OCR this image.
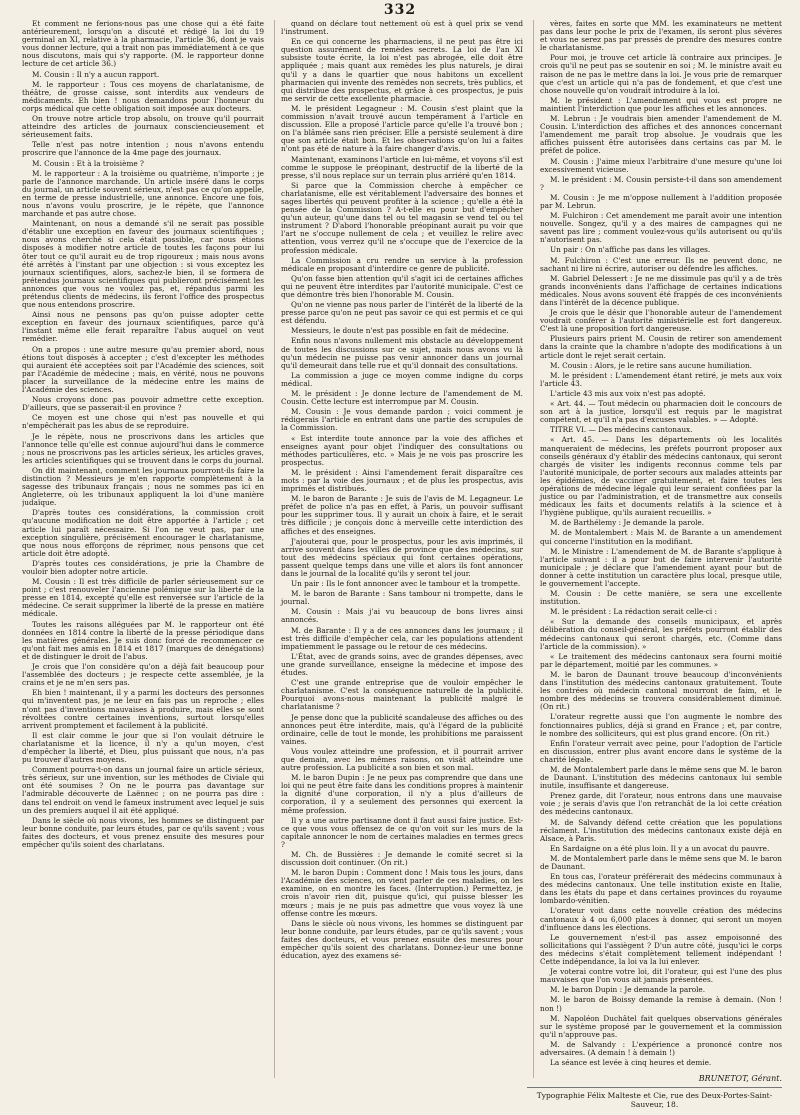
332

Et comment ne ferions-nous pas une chose qui a été faite antérieurement, lorsqu'on a discuté et rédigé la loi du 19 germinal an XI, relative à la pharmacie, l'article 36, dont je vais vous donner lecture, qui a trait non pas immédiatement à ce que nous discutons, mais qui s'y rapporte. (M. le rapporteur donne lecture de cet article 36.)

M. Cousin : Il n'y a aucun rapport.

M. le rapporteur : Tous ces moyens de charlatanisme, de théâtre, de grosse caisse, sont interdits aux vendeurs de médicaments. Eh bien ! nous demandons pour l'honneur du corps médical que cette obligation soit imposée aux docteurs.

On trouve notre article trop absolu, on trouve qu'il pourrait atteindre des articles de journaux consciencieusement et sérieusement faits.

Telle n'est pas notre intention ; nous n'avons entendu proscrire que l'annonce de la 4me page des journaux.

M. Cousin : Et à la troisième ?

M. le rapporteur : A la troisième ou quatrième, n'importe ; je parle de l'annonce marchande. Un article inséré dans le corps du journal, un article souvent sérieux, n'est pas ce qu'on appelle, en terme de presse industrielle, une annonce. Encore une fois, nous n'avons voulu proscrire, je le répète, que l'annonce marchande et pas autre chose.

Maintenant, on nous a demandé s'il ne serait pas possible d'établir une exception en faveur des journaux scientifiques ; nous avons cherché si cela était possible, car nous étions disposés à modifier notre article de toutes les façons pour lui ôter tout ce qu'il aurait eu de trop rigoureux ; mais nous avons été arrêtés à l'instant par une objection : si vous exceptez les journaux scientifiques, alors, sachez-le bien, il se formera de prétendus journaux scientifiques qui publieront précisément les annonces que vous ne voulez pas, et, répandus parmi les prétendus clients de médecins, ils feront l'office des prospectus que nous entendons proscrire.

Ainsi nous ne pensons pas qu'on puisse adopter cette exception en faveur des journaux scientifiques, parce qu'à l'instant même elle ferait reparaître l'abus auquel on veut remédier.

On a propos : une autre mesure qu'au premier abord, nous étions tout disposés à accepter ; c'est d'excepter les méthodes qui auraient été acceptées soit par l'Académie des sciences, soit par l'Académie de médecine ; mais, en vérité, nous ne pouvons placer la surveillance de la médecine entre les mains de l'Académie des sciences.

Nous croyons donc pas pouvoir admettre cette exception. D'ailleurs, que se passerait-il en province ?

Ce moyen est une chose qui n'est pas nouvelle et qui n'empêcherait pas les abus de se reproduire.

Je le répète, nous ne proscrivons dans les articles que l'annonce telle qu'elle est connue aujourd'hui dans le commerce ; nous ne proscrivons pas les articles sérieux, les articles graves, les articles scientifiques qui se trouvent dans le corps du journal.

On dit maintenant, comment les journaux pourront-ils faire la distinction ? Messieurs je m'en rapporte complètement à la sagesse des tribunaux français ; nous ne sommes pas ici en Angleterre, où les tribunaux appliquent la loi d'une manière judaïque.

D'après toutes ces considérations, la commission croit qu'aucune modification ne doit être apportée à l'article ; cet article lui paraît nécessaire. Si l'on ne veut pas, par une exception singulière, précisément encourager le charlatanisme, que nous nous efforçons de réprimer, nous pensons que cet article doit être adopté.

D'après toutes ces considérations, je prie la Chambre de vouloir bien adopter notre article.

M. Cousin : Il est très difficile de parler sérieusement sur ce point ; c'est renouveler l'ancienne polémique sur la liberté de la presse en 1814, excepté qu'elle est renversée sur l'article de la médecine. Ce serait supprimer la liberté de la presse en matière médicale.

Toutes les raisons alléguées par M. le rapporteur ont été données en 1814 contre la liberté de la presse périodique dans les matières générales. Je suis donc forcé de recommencer ce qu'ont fait mes amis en 1814 et 1817 (marques de dénégations) et de distinguer le droit de l'abus.

Je crois que l'on considère qu'on a déjà fait beaucoup pour l'assemblée des docteurs ; je respecte cette assemblée, je la crains et je ne m'en sers pas.

Eh bien ! maintenant, il y a parmi les docteurs des personnes qui m'inventent pas, je ne leur en fais pas un reproche ; elles n'ont pas d'inventions mauvaises à produire, mais elles se sont révoltées contre certaines inventions, surtout lorsqu'elles arrivent promptement et facilement à la publicité.

Il est clair comme le jour que si l'on voulait détruire le charlatanisme et la licence, il n'y a qu'un moyen, c'est d'empêcher la liberté, et Dieu, plus puissant que nous, n'a pas pu trouver d'autres moyens.

Comment pourra-t-on dans un journal faire un article sérieux, très sérieux, sur une invention, sur les méthodes de Civiale qui ont été soumises ? On ne le pourra pas davantage sur l'admirable découverte de Laënnec ; on ne pourra pas dire : dans tel endroit on vend le fameux instrument avec lequel je suis un des premiers auquel il ait été appliqué.

Dans le siècle où nous vivons, les hommes se distinguent par leur bonne conduite, par leurs études, par ce qu'ils savent ; vous faites des docteurs, et vous prenez ensuite des mesures pour empêcher qu'ils soient des charlatans.

quand on déclare tout nettement où est à quel prix se vend l'instrument.

En ce qui concerne les pharmaciens, il ne peut pas être ici question assurément de remèdes secrets. La loi de l'an XI subsiste toute écrite, la loi n'est pas abrogée, elle doit être appliquée ; mais quant aux remèdes les plus naturels, je dirai qu'il y a dans le quartier que nous habitons un excellent pharmacien qui invente des remèdes non secrets, très publics, et qui distribue des prospectus, et grâce à ces prospectus, je puis me servir de cette excellente pharmacie.

M. le président Legagneur : M. Cousin s'est plaint que la commission n'avait trouvé aucun tempérament à l'article en discussion. Elle a proposé l'article parce qu'elle l'a trouvé bon ; on l'a blâmée sans rien préciser. Elle a persisté seulement à dire que son article était bon. Et les observations qu'on lui a faites n'ont pas été de nature à la faire changer d'avis.

Maintenant, examinons l'article en lui-même, et voyons s'il est comme le suppose le préopinant, destructif de la liberté de la presse, s'il nous replace sur un terrain plus arriéré qu'en 1814.

Si parce que la Commission cherche à empêcher ce charlatanisme, elle est véritablement l'adversaire des bonnes et sages libertés qui peuvent profiter à la science ; qu'elle a été la pensée de la Commission ? A-t-elle eu pour but d'empêcher qu'un auteur, qu'une dans tel ou tel magasin se vend tel ou tel instrument ? D'abord l'honorable préopinant aurait pu voir que l'art ne s'occupe nullement de cela ; et veuillez le relire avec attention, vous verrez qu'il ne s'occupe que de l'exercice de la profession médicale.

La Commission a cru rendre un service à la profession médicale en proposant d'interdire ce genre de publicité.

Qu'on fasse bien attention qu'il s'agit ici de certaines affiches qui ne peuvent être interdites par l'autorité municipale. C'est ce que démontre très bien l'honorable M. Cousin.

Qu'on ne vienne pas nous parler de l'intérêt de la liberté de la presse parce qu'on ne peut pas savoir ce qui est permis et ce qui est défendu.

Messieurs, le doute n'est pas possible en fait de médecine.

Enfin nous n'avons nullement mis obstacle au développement de toutes les discussions sur ce sujet, mais nous avons vu là qu'un médecin ne puisse pas venir annoncer dans un journal qu'il demeurait dans telle rue et qu'il donnait des consultations.

La commission a juge ce moyen comme indigne du corps médical.

M. le président : Je donne lecture de l'amendement de M. Cousin. Cette lecture est interrompue par M. Cousin.

M. Cousin : Je vous demande pardon ; voici comment je rédigerais l'article en entrant dans une partie des scrupules de la Commission.

« Est interdite toute annonce par la voie des affiches et enseignes ayant pour objet l'indiquer des consultations ou méthodes particulières, etc. » Mais je ne vois pas proscrire les prospectus.

M. le président : Ainsi l'amendement ferait disparaître ces mots : par la voie des journaux ; et de plus les prospectus, avis imprimés et distribués.

M. le baron de Barante : Je suis de l'avis de M. Legagneur. Le préfet de police n'a pas en effet, à Paris, un pouvoir suffisant pour les supprimer tous. Il y aurait un choix à faire, et le serait très difficile ; je conçois donc à merveille cette interdiction des affiches et des enseignes.

J'ajouterai que, pour le prospectus, pour les avis imprimés, il arrive souvent dans les villes de province que des médecins, sur tout des médecins spéciaux qui font certaines opérations, passent quelque temps dans une ville et alors ils font annoncer dans le journal de la localité qu'ils y seront tel jour.

Un pair : Ils le font annoncer avec le tambour et la trompette.

M. le baron de Barante : Sans tambour ni trompette, dans le journal.

M. Cousin : Mais j'ai vu beaucoup de bons livres ainsi annoncés.

M. de Barante : Il y a de ces annonces dans les journaux ; il est très difficile d'empêcher cela, car les populations attendent impatiemment le passage ou le retour de ces médecins.

L'État, avec de grands soins, avec de grandes dépenses, avec une grande surveillance, enseigne la médecine et impose des études.

C'est une grande entreprise que de vouloir empêcher le charlatanisme. C'est la conséquence naturelle de la publicité. Pourquoi avons-nous maintenant la publicité malgré le charlatanisme ?

Je pense donc que la publicité scandaleuse des affiches ou des annonces peut être interdite, mais, qu'à l'égard de la publicité ordinaire, celle de tout le monde, les prohibitions me paraissent vaines.

Vous voulez atteindre une profession, et il pourrait arriver que demain, avec les mêmes raisons, on visât atteindre une autre profession. La publicité a son bien et son mal.

M. le baron Dupin : Je ne peux pas comprendre que dans une loi qui ne peut être faite dans les conditions propres à maintenir la dignité d'une corporation, il n'y a plus d'ailleurs de corporation, il y a seulement des personnes qui exercent la même profession.

Il y a une autre partisanne dont il faut aussi faire justice. Est-ce que vous vous offensez de ce qu'on voit sur les murs de la capitale annoncer le nom de certaines maladies en termes grecs ?

M. Ch. de Bussières : Je demande le comité secret si la discussion doit continuer. (On rit.)

M. le baron Dupin : Comment donc ! Mais tous les jours, dans l'Académie des sciences, on vient parler de ces maladies, on les examine, on en montre les faces. (Interruption.) Permettez, je crois n'avoir rien dit, puisque qu'ici, qui puisse blesser les mœurs ; mais je ne puis pas admettre que vous voyez là une offense contre les mœurs.

Dans le siècle où nous vivons, les hommes se distinguent par leur bonne conduite, par leurs études, par ce qu'ils savent ; vous faites des docteurs, et vous prenez ensuite des mesures pour empêcher qu'ils soient des charlatans. Donnez-leur une bonne éducation, ayez des examens sé-

vères, faites en sorte que MM. les examinateurs ne mettent pas dans leur poche le prix de l'examen, ils seront plus sévères et vous ne serez pas par pressés de prendre des mesures contre le charlatanisme.

Pour moi, je trouve cet article là contraire aux principes. Je crois qu'il ne peut pas se soutenir en soi ; M. le ministre avait eu raison de ne pas le mettre dans la loi. Je vous prie de remarquer que c'est un article qui n'a pas de fondement, et que c'est une chose nouvelle qu'on voudrait introduire à la loi.

M. le président : L'amendement qui vous est propre ne maintient l'interdiction que pour les affiches et les annonces.

M. Lebrun : Je voudrais bien amender l'amendement de M. Cousin. L'interdiction des affiches et des annonces concernant l'amendement me paraît trop absolue. Je voudrais que les affiches puissent être autorisées dans certains cas par M. le préfet de police.

M. Cousin : J'aime mieux l'arbitraire d'une mesure qu'une loi excessivement vicieuse.

M. le président : M. Cousin persiste-t-il dans son amendement ?

M. Cousin : Je me m'oppose nullement à l'addition proposée par M. Lebrun.

M. Fulchiron : Cet amendement me paraît avoir une intention nouvelle. Songez, qu'il y a des maires de campagnes qui ne savent pas lire ; comment voulez-vous qu'ils autorisent ou qu'ils n'autorisent pas.

Un pair : On n'affiche pas dans les villages.

M. Fulchiron : C'est une erreur. Ils ne peuvent donc, ne sachant ni lire ni écrire, autoriser ou défendre les affiches.

M. Gabriel Delessert : Je ne me dissimule pas qu'il y a de très grands inconvénients dans l'affichage de certaines indications médicales. Nous avons souvent été frappés de ces inconvénients dans l'intérêt de la décence publique.

Je crois que le désir que l'honorable auteur de l'amendement voudrait conférer à l'autorité ministérielle est fort dangereux. C'est là une proposition fort dangereuse.

Plusieurs pairs prient M. Cousin de retirer son amendement dans la crainte que la chambre n'adopte des modifications à un article dont le rejet serait certain.

M. Cousin : Alors, je le retire sans aucune humiliation.

M. le président : L'amendement étant retiré, je mets aux voix l'article 43.

L'article 43 mis aux voix n'est pas adopté.

« Art. 44. — Tout médecin ou pharmacien doit le concours de son art à la justice, lorsqu'il est requis par le magistrat compétent, et qu'il n'a pas d'excuses valables. » — Adopté.

TITRE VI. — Des médecins cantonaux.

« Art. 45. — Dans les départements où les localités manqueraient de médecins, les préfets pourront proposer aux conseils généraux d'y établir des médecins cantonaux, qui seront chargés de visiter les indigents reconnus comme tels par l'autorité municipale, de porter secours aux malades atteints par les épidémies, de vacciner gratuitement, et faire toutes les opérations de médecine légale qui leur seraient confiées par la justice ou par l'administration, et de transmettre aux conseils médicaux les faits et documents relatifs à la science et à l'hygiène publique, qu'ils auraient recueillis. »

M. de Barthélemy : Je demande la parole.

M. de Montalembert : Mais M. de Barante a un amendement qui concerne l'institution en la modifiant.

M. le Ministre : L'amendement de M. de Barante s'applique à l'article suivant : il a pour but de faire intervenir l'autorité municipale ; je déclare que l'amendement ayant pour but de donner à cette institution un caractère plus local, presque utile, le gouvernement l'accepte.

M. Cousin : De cette manière, se sera une excellente institution.

M. le président : La rédaction serait celle-ci :

« Sur la demande des conseils municipaux, et après délibération du conseil-général, les préfets pourront établir des médecins cantonaux qui seront chargés, etc. (Comme dans l'article de la commission). »

« Le traitement des médecins cantonaux sera fourni moitié par le département, moitié par les communes. »

M. le baron de Daunant trouve beaucoup d'inconvénients dans l'institution des médecins cantonaux gratuitement. Toute les contrées où médecin cantonal mourront de faim, et le nombre des médecins se trouvera considérablement diminué. (On rit.)

L'orateur regrette aussi que l'on augmente le nombre des fonctionnaires publics, déjà si grand en France ; et, par contre, le nombre des solliciteurs, qui est plus grand encore. (On rit.)

Enfin l'orateur verrait avec peine, pour l'adoption de l'article en discussion, entrer plus avant encore dans le système de la charité légale.

M. de Montalembert parle dans le même sens que M. le baron de Daunant. L'institution des médecins cantonaux lui semble inutile, insuffisante et dangereuse.

Prenez garde, dit l'orateur, nous entrons dans une mauvaise voie ; je serais d'avis que l'on retranchât de la loi cette création des médecins cantonaux.

M. de Salvandy défend cette création que les populations réclament. L'institution des médecins cantonaux existe déjà en Alsace, à Paris.

En Sardaigne on a été plus loin. Il y a un avocat du pauvre.

M. de Montalembert parle dans le même sens que M. le baron de Daunant.

En tous cas, l'orateur préférerait des médecins communaux à des médecins cantonaux. Une telle institution existe en Italie, dans les états du pape et dans certaines provinces du royaume lombardo-vénitien.

L'orateur voit dans cette nouvelle création des médecins cantonaux à 4 ou 6,000 places à donner, qui seront un moyen d'influence dans les élections.

Le gouvernement n'est-il pas assez empoisonné des sollicitations qui l'assiègent ? D'un autre côté, jusqu'ici le corps des médecins s'était complètement tellement indépendant ! Cette indépendance, la loi va la lui enlever.

Je voterai contre votre loi, dit l'orateur, qui est l'une des plus mauvaises que l'on vous ait jamais présentées.

M. le baron Dupin : Je demande la parole.

M. le baron de Boissy demande la remise à demain. (Non ! non !)

M. Napoléon Duchâtel fait quelques observations générales sur le système proposé par le gouvernement et la commission qu'il n'approuve pas.

M. de Salvandy : L'expérience a prononcé contre nos adversaires. (A demain ! à demain !)

La séance est levée à cinq heures et demie.

BRUNETOT, Gérant.
Typographie Félix Malteste et Cie, rue des Deux-Portes-Saint-Sauveur, 18.
